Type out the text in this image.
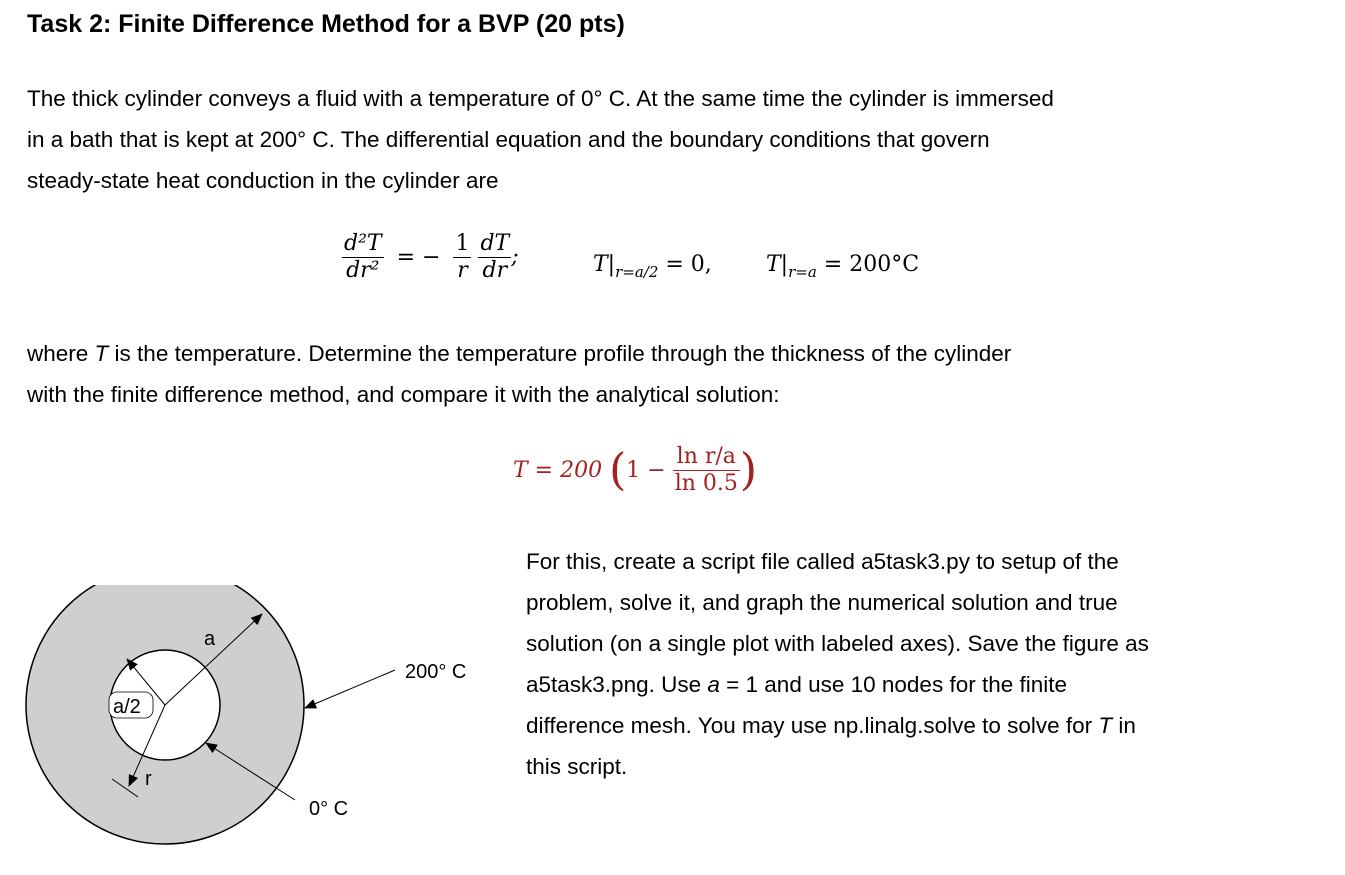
Task 2: Finite Difference Method for a BVP (20 pts)
The thick cylinder conveys a fluid with a temperature of 0° C. At the same time the cylinder is immersed
in a bath that is kept at 200° C. The differential equation and the boundary conditions that govern
steady-state heat conduction in the cylinder are
$\frac{\text{d²T}}{\text{dr²}}$ = − $\frac{1}{r}$
$\frac{dT}{dr}$ ;	$T|_{r=a/2} = 0$, $T|_{r=a} = 200^\circ C$
where T is the temperature. Determine the temperature profile through the thickness of the cylinder
with the finite difference method, and compare it with the analytical solution:
T = 200 ($1 - \frac{\text{ln r/a}}{\ln 0.5}$ )
For this, create a script file called a5task3.py to setup of the
problem, solve it, and graph the numerical solution and true
solution (on a single plot with labeled axes). Save the figure as
a5task3.png. Use a = 1 and use 10 nodes for the finite
difference mesh. You may use np.linalg.solve to solve for T in
this script.
a
a/2
r
200° C
0° C
